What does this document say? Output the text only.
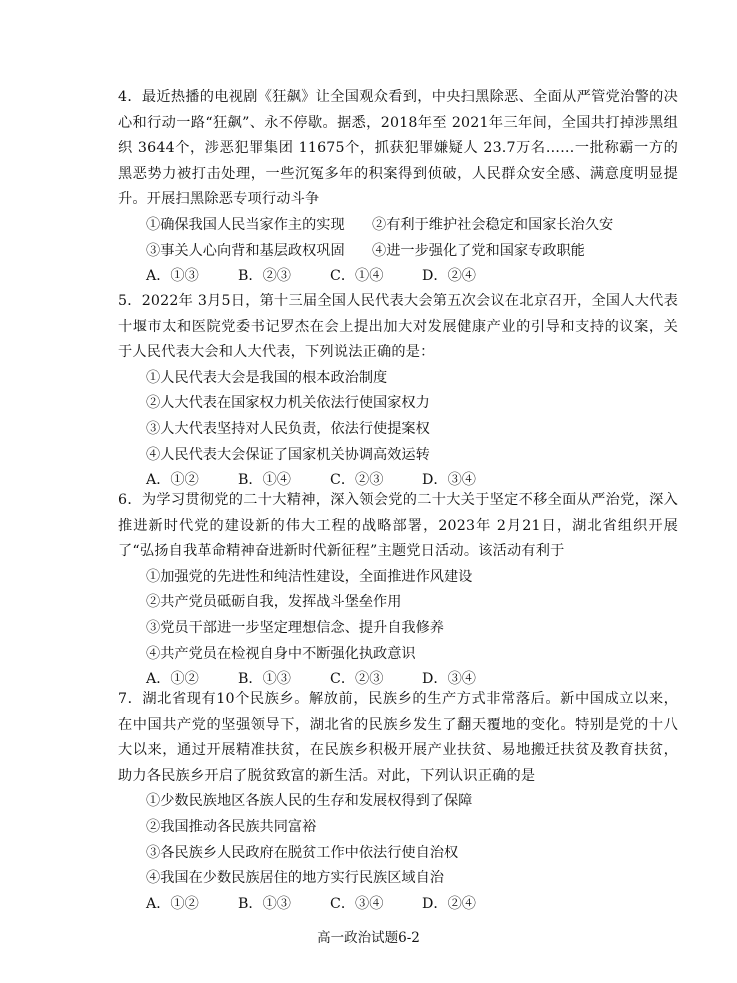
4．最近热播的电视剧《狂飙》让全国观众看到，中央扫黑除恶、全面从严管党治警的决心和行动一路“狂飙”、永不停歇。据悉，2018年至 2021年三年间，全国共打掉涉黑组织 3644个，涉恶犯罪集团 11675个，抓获犯罪嫌疑人 23.7万名……一批称霸一方的黑恶势力被打击处理，一些沉冤多年的积案得到侦破，人民群众安全感、满意度明显提升。开展扫黑除恶专项行动斗争

①确保我国人民当家作主的实现 ②有利于维护社会稳定和国家长治久安

③事关人心向背和基层政权巩固 ④进一步强化了党和国家专政职能

A．①③	B．②③	C．①④	D．②④

5．2022年 3月5日，第十三届全国人民代表大会第五次会议在北京召开，全国人大代表十堰市太和医院党委书记罗杰在会上提出加大对发展健康产业的引导和支持的议案，关于人民代表大会和人大代表，下列说法正确的是：

①人民代表大会是我国的根本政治制度

②人大代表在国家权力机关依法行使国家权力

③人大代表坚持对人民负责，依法行使提案权

④人民代表大会保证了国家机关协调高效运转

A．①②	B．①④	C．②③	D．③④

6．为学习贯彻党的二十大精神，深入领会党的二十大关于坚定不移全面从严治党，深入推进新时代党的建设新的伟大工程的战略部署，2023年 2月21日，湖北省组织开展了“弘扬自我革命精神奋进新时代新征程”主题党日活动。该活动有利于

①加强党的先进性和纯洁性建设，全面推进作风建设

②共产党员砥砺自我，发挥战斗堡垒作用

③党员干部进一步坚定理想信念、提升自我修养

④共产党员在检视自身中不断强化执政意识

A．①②	B．①③	C．②③	D．③④

7．湖北省现有10个民族乡。解放前，民族乡的生产方式非常落后。新中国成立以来，在中国共产党的坚强领导下，湖北省的民族乡发生了翻天覆地的变化。特别是党的十八大以来，通过开展精准扶贫，在民族乡积极开展产业扶贫、易地搬迁扶贫及教育扶贫，助力各民族乡开启了脱贫致富的新生活。对此，下列认识正确的是

①少数民族地区各族人民的生存和发展权得到了保障

②我国推动各民族共同富裕

③各民族乡人民政府在脱贫工作中依法行使自治权

④我国在少数民族居住的地方实行民族区域自治

A．①②	B．①③	C．③④	D．②④

高一政治试题6-2
